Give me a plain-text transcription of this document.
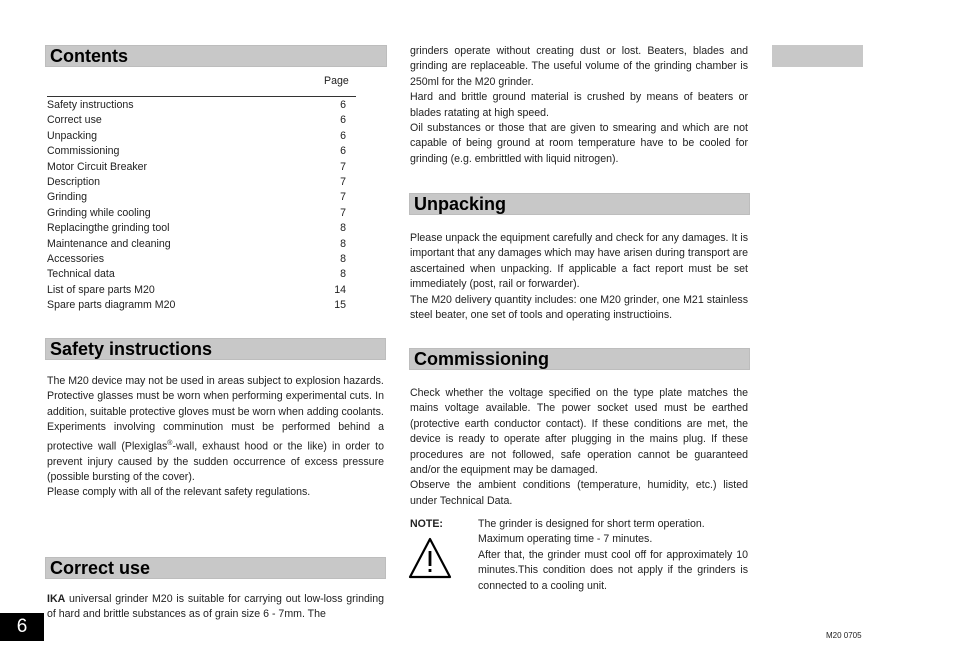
Contents
Page
Safety instructions	6
Correct use	6
Unpacking	6
Commissioning	6
Motor Circuit Breaker	7
Description	7
Grinding	7
Grinding while cooling	7
Replacingthe grinding tool	8
Maintenance and cleaning	8
Accessories	8
Technical data	8
List of spare parts M20	14
Spare parts diagramm M20	15
Safety instructions
The M20 device may not be used in areas subject to explosion hazards.
Protective glasses must be worn when performing experimental cuts. In addition, suitable protective gloves must be worn when adding coolants.
Experiments involving comminution must be performed behind a protective wall (Plexiglas®-wall, exhaust hood or the like) in order to prevent injury caused by the sudden occurrence of excess pressure (possible bursting of the cover).
Please comply with all of the relevant safety regulations.
Correct use
IKA universal grinder M20 is suitable for carrying out low-loss grinding of hard and brittle substances as of grain size 6 - 7mm. The
grinders operate without creating dust or lost. Beaters, blades and grinding are replaceable. The useful volume of the grinding chamber is 250ml for the M20 grinder.
Hard and brittle ground material is crushed by means of beaters or blades ratating at high speed.
Oil substances or those that are given to smearing and which are not capable of being ground at room temperature have to be cooled for grinding (e.g. embrittled with liquid nitrogen).
Unpacking
Please unpack the equipment carefully and check for any damages. It is important that any damages which may have arisen during transport are ascertained when unpacking. If applicable a fact report must be set immediately (post, rail or forwarder).
The M20 delivery quantity includes: one M20 grinder, one M21 stainless steel beater, one set of tools and operating instructioins.
Commissioning
Check whether the voltage specified on the type plate matches the mains voltage available. The power socket used must be earthed (protective earth conductor contact). If these conditions are met, the device is ready to operate after plugging in the mains plug. If these procedures are not followed, safe operation cannot be guaranteed and/or the equipment may be damaged.
Observe the ambient conditions (temperature, humidity, etc.) listed under Technical Data.
NOTE:	The grinder is designed for short term operation.
Maximum operating time - 7 minutes.
After that, the grinder must cool off for approximately 10 minutes.This condition does not apply if the grinders is connected to a cooling unit.
6	M20 0705
